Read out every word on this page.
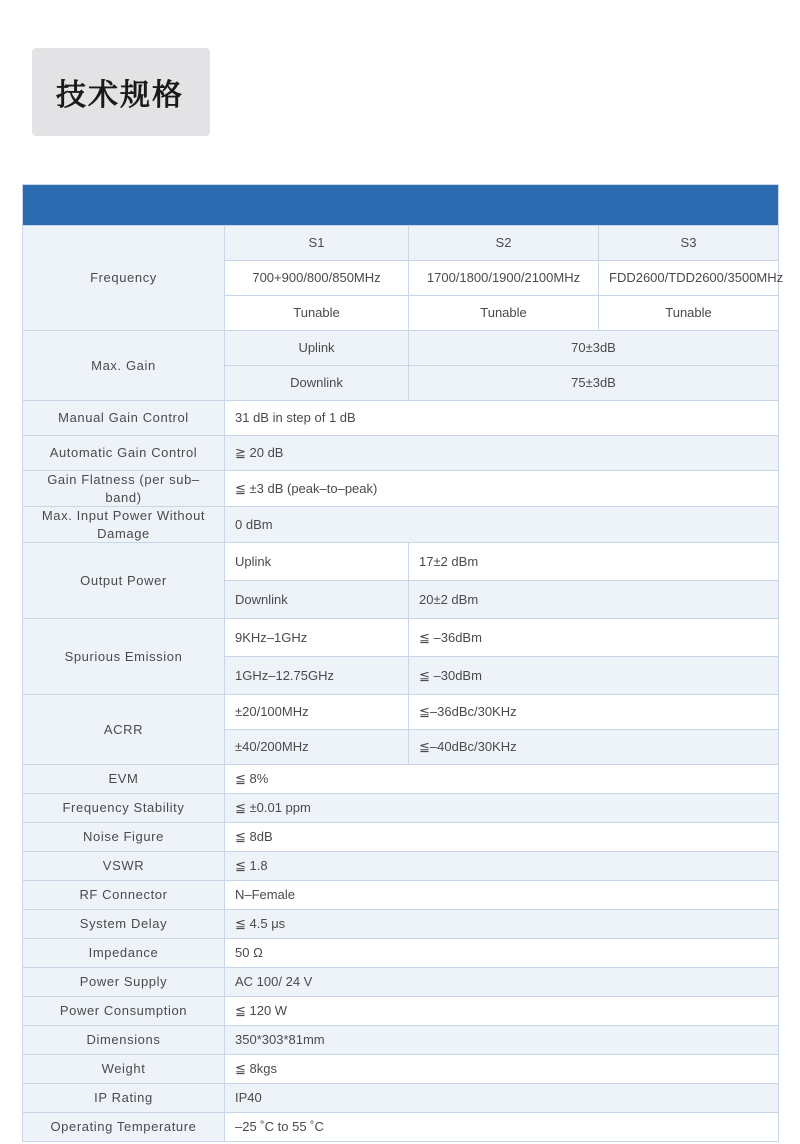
技术规格

Frequency	S1	S2	S3
	700+900/800/850MHz	1700/1800/1900/2100MHz	FDD2600/TDD2600/3500MHz
	Tunable	Tunable	Tunable
Max. Gain	Uplink	70±3dB	
	Downlink	75±3dB	
Manual Gain Control	31 dB in step of 1 dB		
Automatic Gain Control	≧ 20 dB		
Gain Flatness (per sub–band)	≦ ±3 dB (peak–to–peak)		
Max. Input Power Without Damage	0 dBm		
Output Power	Uplink	17±2 dBm	
	Downlink	20±2 dBm	
Spurious Emission	9KHz–1GHz	≦ –36dBm	
	1GHz–12.75GHz	≦ –30dBm	
ACRR	±20/100MHz	≦–36dBc/30KHz	
	±40/200MHz	≦–40dBc/30KHz	
EVM	≦ 8%		
Frequency Stability	≦ ±0.01 ppm		
Noise Figure	≦ 8dB		
VSWR	≦ 1.8		
RF Connector	N–Female		
System Delay	≦ 4.5 μs		
Impedance	50 Ω		
Power Supply	AC 100/ 24 V		
Power Consumption	≦ 120 W		
Dimensions	350*303*81mm		
Weight	≦ 8kgs		
IP Rating	IP40		
Operating Temperature	–25 ˚C to 55 ˚C		
